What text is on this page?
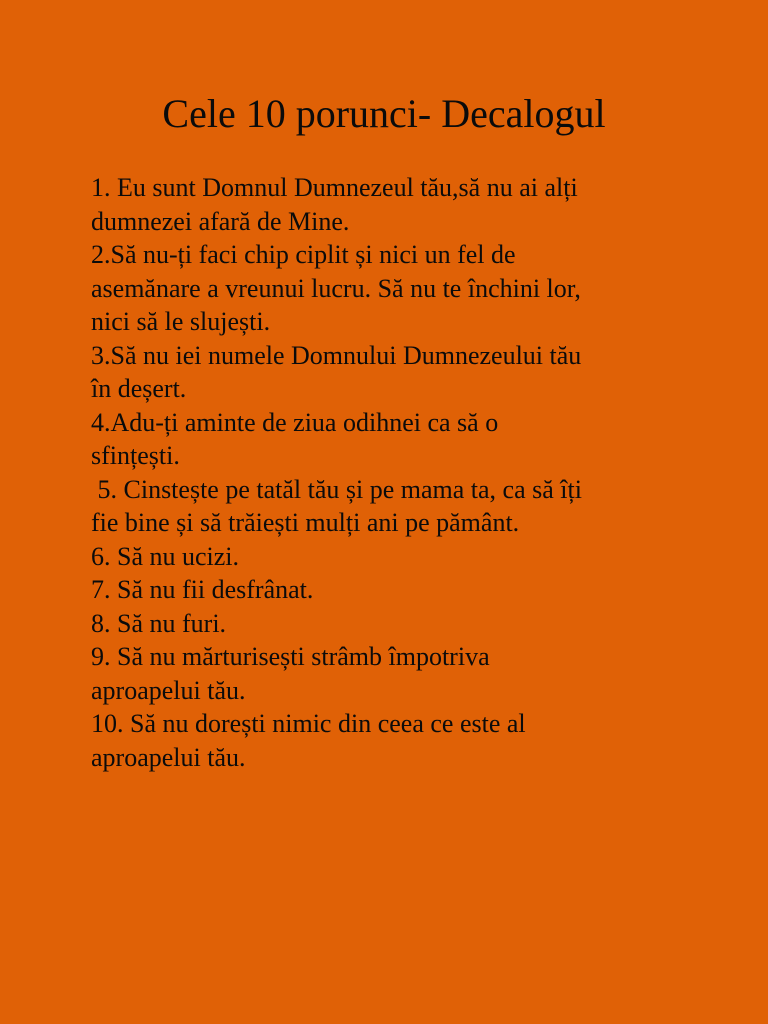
Cele 10 porunci- Decalogul
1. Eu sunt Domnul Dumnezeul tău,să nu ai alți
dumnezei afară de Mine.
2.Să nu-ți faci chip ciplit și nici un fel de
asemănare a vreunui lucru. Să nu te închini lor,
nici să le slujești.
3.Să nu iei numele Domnului Dumnezeului tău
în deșert.
4.Adu-ți aminte de ziua odihnei ca să o
sfințești.
5. Cinstește pe tatăl tău și pe mama ta, ca să îți
fie bine și să trăiești mulți ani pe pământ.
6. Să nu ucizi.
7. Să nu fii desfrânat.
8. Să nu furi.
9. Să nu mărturisești strâmb împotriva
aproapelui tău.
10. Să nu dorești nimic din ceea ce este al
aproapelui tău.
